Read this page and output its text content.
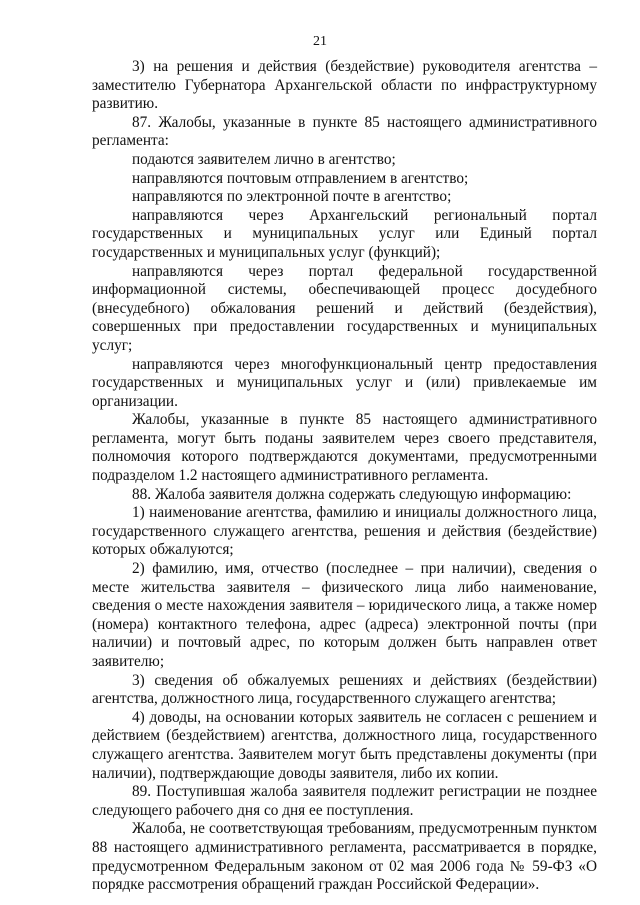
21

3) на решения и действия (бездействие) руководителя агентства – заместителю Губернатора Архангельской области по инфраструктурному развитию.

87. Жалобы, указанные в пункте 85 настоящего административного регламента:

подаются заявителем лично в агентство;

направляются почтовым отправлением в агентство;

направляются по электронной почте в агентство;

направляются через Архангельский региональный портал государственных и муниципальных услуг или Единый портал государственных и муниципальных услуг (функций);

направляются через портал федеральной государственной информационной системы, обеспечивающей процесс досудебного (внесудебного) обжалования решений и действий (бездействия), совершенных при предоставлении государственных и муниципальных услуг;

направляются через многофункциональный центр предоставления государственных и муниципальных услуг и (или) привлекаемые им организации.

Жалобы, указанные в пункте 85 настоящего административного регламента, могут быть поданы заявителем через своего представителя, полномочия которого подтверждаются документами, предусмотренными подразделом 1.2 настоящего административного регламента.

88. Жалоба заявителя должна содержать следующую информацию:

1) наименование агентства, фамилию и инициалы должностного лица, государственного служащего агентства, решения и действия (бездействие) которых обжалуются;

2) фамилию, имя, отчество (последнее – при наличии), сведения о месте жительства заявителя – физического лица либо наименование, сведения о месте нахождения заявителя – юридического лица, а также номер (номера) контактного телефона, адрес (адреса) электронной почты (при наличии) и почтовый адрес, по которым должен быть направлен ответ заявителю;

3) сведения об обжалуемых решениях и действиях (бездействии) агентства, должностного лица, государственного служащего агентства;

4) доводы, на основании которых заявитель не согласен с решением и действием (бездействием) агентства, должностного лица, государственного служащего агентства. Заявителем могут быть представлены документы (при наличии), подтверждающие доводы заявителя, либо их копии.

89. Поступившая жалоба заявителя подлежит регистрации не позднее следующего рабочего дня со дня ее поступления.

Жалоба, не соответствующая требованиям, предусмотренным пунктом 88 настоящего административного регламента, рассматривается в порядке, предусмотренном Федеральным законом от 02 мая 2006 года № 59-ФЗ «О порядке рассмотрения обращений граждан Российской Федерации».
